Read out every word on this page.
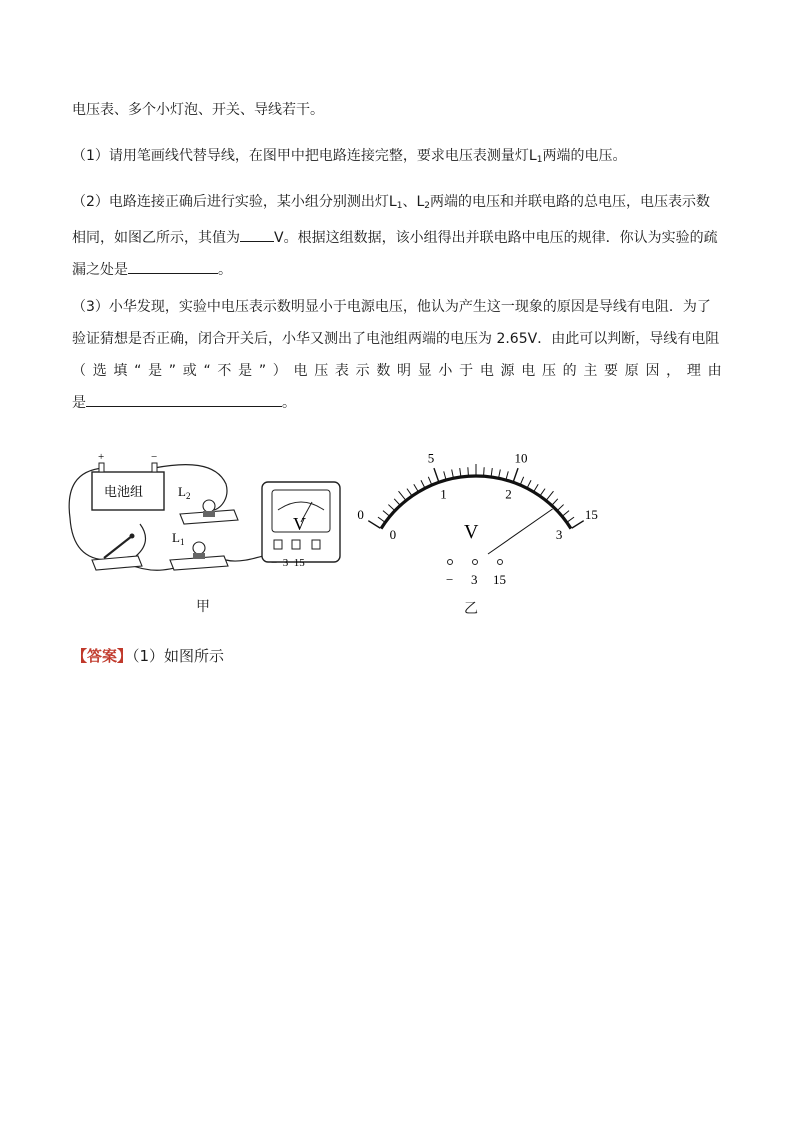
电压表、多个小灯泡、开关、导线若干。

（1）请用笔画线代替导线，在图甲中把电路连接完整，要求电压表测量灯$L_1$两端的电压。

（2）电路连接正确后进行实验，某小组分别测出灯$L_1$、$L_2$两端的电压和并联电路的总电压，电压表示数相同，如图乙所示，其值为 V。根据这组数据，该小组得出并联电路中电压的规律．你认为实验的疏漏之处是	。

（3）小华发现，实验中电压表示数明显小于电源电压，他认为产生这一现象的原因是导线有电阻．为了验证猜想是否正确，闭合开关后，小华又测出了电池组两端的电压为 2.65V．由此可以判断，导线有电阻
（ 选 填 “ 是 ” 或 “ 不 是 ” ） 电 压 表 示 数 明 显 小 于 电 源 电 压 的 主 要 原 因 ， 理 由
是	。
+	−
电池组	$L_2$
$L_1$
V
−  3  15
甲
V
− 3 15
0
5	10
15
0
1	2
3
乙
【答案】（1）如图所示
